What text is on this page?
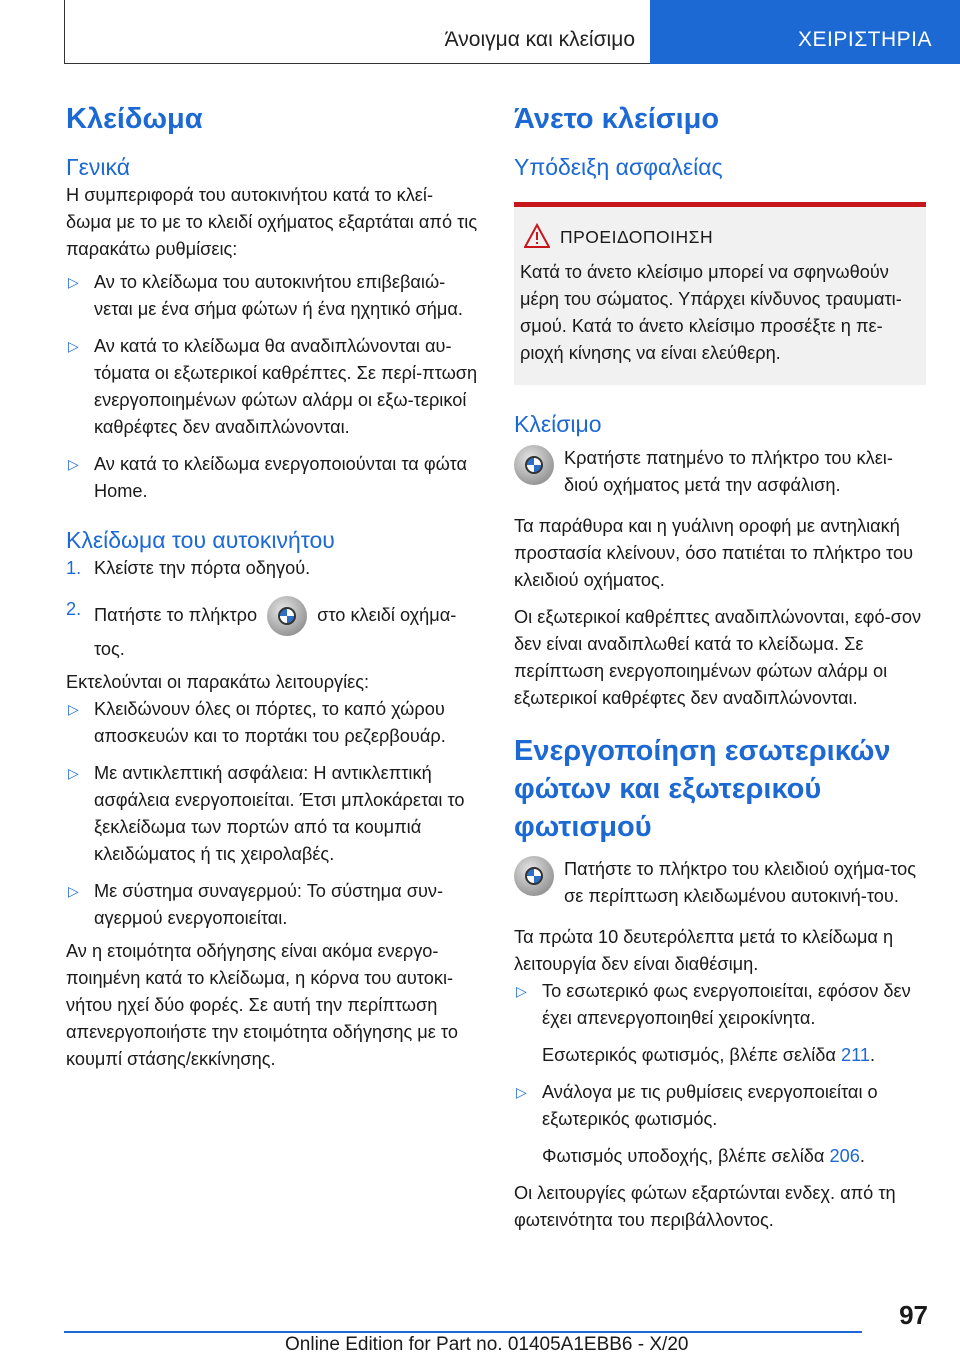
Άνοιγμα και κλείσιμο	ΧΕΙΡΙΣΤΗΡΙΑ
Κλείδωμα
Γενικά

Η συμπεριφορά του αυτοκινήτου κατά το κλεί-δωμα με το με το κλειδί οχήματος εξαρτάται από τις παρακάτω ρυθμίσεις:

▷ Αν το κλείδωμα του αυτοκινήτου επιβεβαιώ-νεται με ένα σήμα φώτων ή ένα ηχητικό σήμα.
▷ Αν κατά το κλείδωμα θα αναδιπλώνονται αυ-τόματα οι εξωτερικοί καθρέπτες. Σε περί-πτωση ενεργοποιημένων φώτων αλάρμ οι εξω-τερικοί καθρέφτες δεν αναδιπλώνονται.
▷ Αν κατά το κλείδωμα ενεργοποιούνται τα φώτα Home.
Κλείδωμα του αυτοκινήτου
1. Κλείστε την πόρτα οδηγού.
2. Πατήστε το πλήκτρο	στο κλειδί οχήμα-τος.

Εκτελούνται οι παρακάτω λειτουργίες:

▷ Κλειδώνουν όλες οι πόρτες, το καπό χώρου αποσκευών και το πορτάκι του ρεζερβουάρ.
▷ Με αντικλεπτική ασφάλεια: Η αντικλεπτική ασφάλεια ενεργοποιείται. Έτσι μπλοκάρεται το ξεκλείδωμα των πορτών από τα κουμπιά κλειδώματος ή τις χειρολαβές.
▷ Με σύστημα συναγερμού: Το σύστημα συν-αγερμού ενεργοποιείται.

Αν η ετοιμότητα οδήγησης είναι ακόμα ενεργο-ποιημένη κατά το κλείδωμα, η κόρνα του αυτοκι-νήτου ηχεί δύο φορές. Σε αυτή την περίπτωση απενεργοποιήστε την ετοιμότητα οδήγησης με το κουμπί στάσης/εκκίνησης.

Άνετο κλείσιμο
Υπόδειξη ασφαλείας
ΠΡΟΕΙΔΟΠΟΙΗΣΗ

Κατά το άνετο κλείσιμο μπορεί να σφηνωθούν μέρη του σώματος. Υπάρχει κίνδυνος τραυματι-σμού. Κατά το άνετο κλείσιμο προσέξτε η πε-ριοχή κίνησης να είναι ελεύθερη.

Κλείσιμο

Κρατήστε πατημένο το πλήκτρο του κλει-διού οχήματος μετά την ασφάλιση.

Τα παράθυρα και η γυάλινη οροφή με αντηλιακή προστασία κλείνουν, όσο πατιέται το πλήκτρο του κλειδιού οχήματος.

Οι εξωτερικοί καθρέπτες αναδιπλώνονται, εφό-σον δεν είναι αναδιπλωθεί κατά το κλείδωμα. Σε περίπτωση ενεργοποιημένων φώτων αλάρμ οι εξωτερικοί καθρέφτες δεν αναδιπλώνονται.

Ενεργοποίηση εσωτερικών φώτων και εξωτερικού φωτισμού

Πατήστε το πλήκτρο του κλειδιού οχήμα-τος σε περίπτωση κλειδωμένου αυτοκινή-του.

Τα πρώτα 10 δευτερόλεπτα μετά το κλείδωμα η λειτουργία δεν είναι διαθέσιμη.

▷ Το εσωτερικό φως ενεργοποιείται, εφόσον δεν έχει απενεργοποιηθεί χειροκίνητα.
Εσωτερικός φωτισμός, βλέπε σελίδα 211.
▷ Ανάλογα με τις ρυθμίσεις ενεργοποιείται ο εξωτερικός φωτισμός.
Φωτισμός υποδοχής, βλέπε σελίδα 206.

Οι λειτουργίες φώτων εξαρτώνται ενδεχ. από τη φωτεινότητα του περιβάλλοντος.

97
Online Edition for Part no. 01405A1EBB6 - X/20
